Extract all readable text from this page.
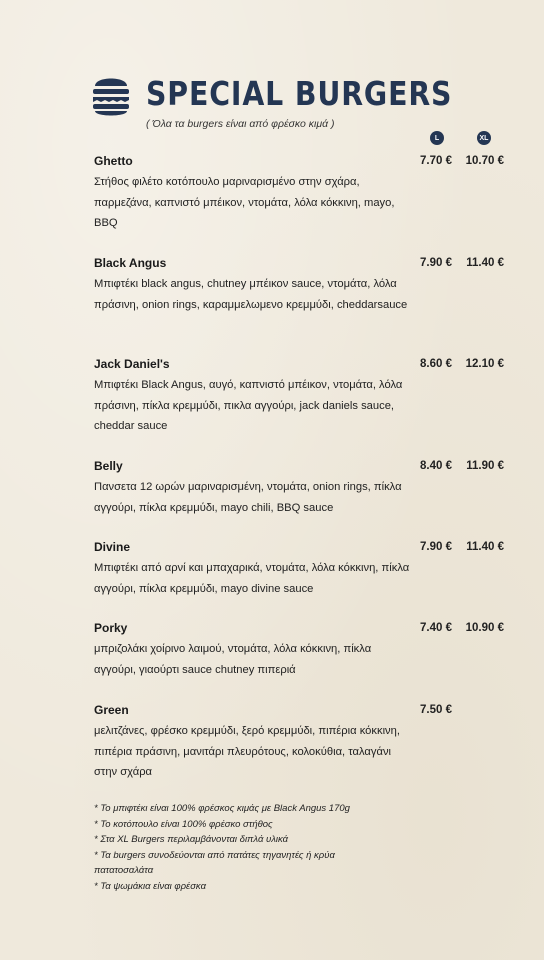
SPECIAL BURGERS
( Όλα τα burgers είναι από φρέσκο κιμά )
L	XL
Ghetto
Στήθος φιλέτο κοτόπουλο μαριναρισμένο στην σχάρα, παρμεζάνα, καπνιστό μπέικον, ντομάτα, λόλα κόκκινη, mayo, BBQ
7.70 € 10.70 €
Black Angus
Μπιφτέκι black angus, chutney μπέικον sauce, ντομάτα, λόλα πράσινη, onion rings, καραμμελωμενο κρεμμύδι, cheddarsauce
7.90 € 11.40 €
Jack Daniel's
Μπιφτέκι Black Angus, αυγό, καπνιστό μπέικον, ντομάτα, λόλα πράσινη, πίκλα κρεμμύδι, πικλα αγγούρι, jack daniels sauce, cheddar sauce
8.60 € 12.10 €
Belly
Πανσετα 12 ωρών μαριναρισμένη, ντομάτα, onion rings, πίκλα αγγούρι, πίκλα κρεμμύδι, mayo chili, BBQ sauce
8.40 € 11.90 €
Divine
Μπιφτέκι από αρνί και μπαχαρικά, ντομάτα, λόλα κόκκινη, πίκλα αγγούρι, πίκλα κρεμμύδι, mayo divine sauce
7.90 € 11.40 €
Porky
μπριζολάκι χοίρινο λαιμού, ντομάτα, λόλα κόκκινη, πίκλα αγγούρι, γιαούρτι sauce chutney πιπεριά
7.40 € 10.90 €
Green
μελιτζάνες, φρέσκο κρεμμύδι, ξερό κρεμμύδι, πιπέρια κόκκινη, πιπέρια πράσινη, μανιτάρι πλευρότους, κολοκύθια, ταλαγάνι στην σχάρα
7.50 €
* Το μπιφτέκι είναι 100% φρέσκος κιμάς με Black Angus 170g
* Το κοτόπουλο είναι 100% φρέσκο στήθος
* Στα XL Burgers περιλαμβάνονται διπλά υλικά
* Τα burgers συνοδεύονται από πατάτες τηγανητές ή κρύα πατατοσαλάτα
* Τα ψωμάκια είναι φρέσκα
